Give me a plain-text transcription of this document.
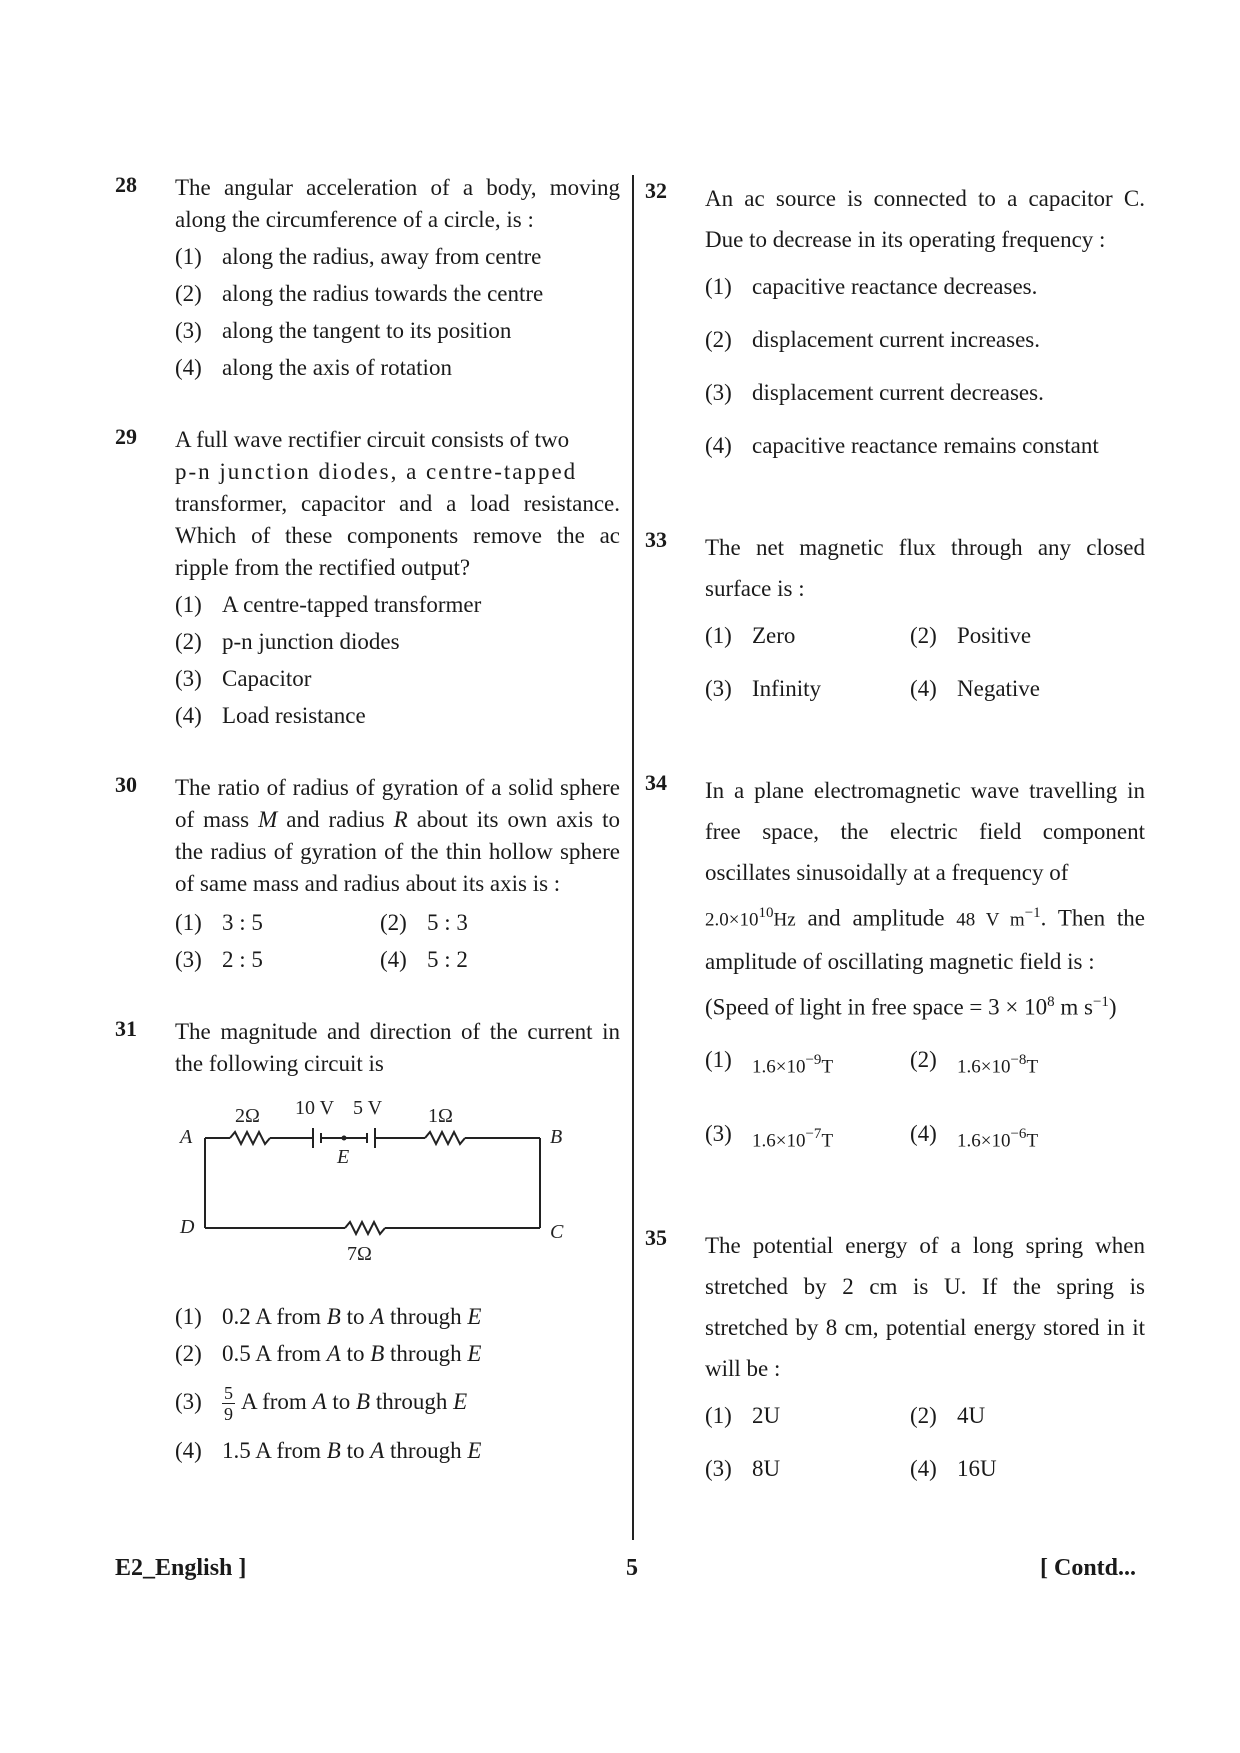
28 The angular acceleration of a body, moving along the circumference of a circle, is :
(1) along the radius, away from centre
(2) along the radius towards the centre
(3) along the tangent to its position
(4) along the axis of rotation
29 A full wave rectifier circuit consists of two
p-n junction diodes, a centre-tapped
transformer, capacitor and a load resistance. Which of these components remove the ac ripple from the rectified output?
(1) A centre-tapped transformer
(2) p-n junction diodes
(3) Capacitor
(4) Load resistance
30 The ratio of radius of gyration of a solid sphere of mass M and radius R about its own axis to the radius of gyration of the thin hollow sphere of same mass and radius about its axis is :
(1) 3 : 5	(2) 5 : 3
(3) 2 : 5	(4) 5 : 2
31 The magnitude and direction of the current in the following circuit is
A	B
C
D
E
2Ω 10 V 5 V 1Ω
7Ω
(1) 0.2 A from B to A through E
(2) 0.5 A from A to B through E
(3)	$\frac{5}{9}$ A from A to B through E
(4) 1.5 A from B to A through E
32 An ac source is connected to a capacitor C. Due to decrease in its operating frequency :
(1) capacitive reactance decreases.
(2) displacement current increases.
(3) displacement current decreases.
(4) capacitive reactance remains constant
33 The net magnetic flux through any closed surface is :
(1) Zero	(2) Positive
(3) Infinity	(4) Negative
34 In a plane electromagnetic wave travelling in free space, the electric field component oscillates sinusoidally at a frequency of
$2.0\times 10^{10}Hz$ and amplitude 48 V $m^{-1}$. Then the amplitude of oscillating magnetic field is :
(Speed of light in free space = $3 \times 10^8$ m $s^{-1}$)
(1)	$1.6\times 10^{-9}T$	(2)	$1.6\times 10^{-8}T$
(3)	$1.6\times 10^{-7}T$	(4)	$1.6\times 10^{-6}T$
35 The potential energy of a long spring when stretched by 2 cm is U. If the spring is stretched by 8 cm, potential energy stored in it will be :
(1) 2U	(2) 4U
(3) 8U	(4) 16U
E2_English ]	5	[ Contd...
